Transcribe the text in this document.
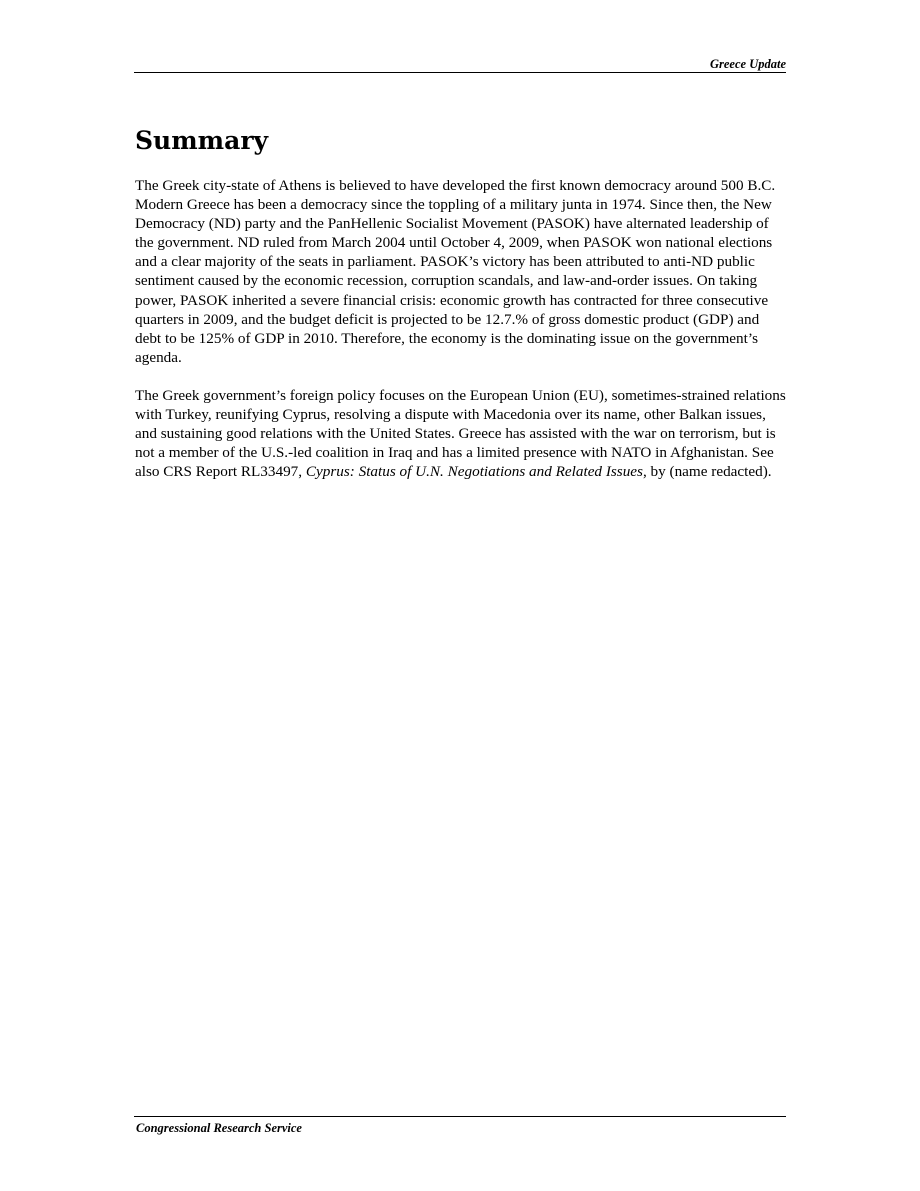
Greece Update
Summary

The Greek city-state of Athens is believed to have developed the first known democracy around 500 B.C. Modern Greece has been a democracy since the toppling of a military junta in 1974. Since then, the New Democracy (ND) party and the PanHellenic Socialist Movement (PASOK) have alternated leadership of the government. ND ruled from March 2004 until October 4, 2009, when PASOK won national elections and a clear majority of the seats in parliament. PASOK’s victory has been attributed to anti-ND public sentiment caused by the economic recession, corruption scandals, and law-and-order issues. On taking power, PASOK inherited a severe financial crisis: economic growth has contracted for three consecutive quarters in 2009, and the budget deficit is projected to be 12.7.% of gross domestic product (GDP) and debt to be 125% of GDP in 2010. Therefore, the economy is the dominating issue on the government’s agenda.

The Greek government’s foreign policy focuses on the European Union (EU), sometimes-strained relations with Turkey, reunifying Cyprus, resolving a dispute with Macedonia over its name, other Balkan issues, and sustaining good relations with the United States. Greece has assisted with the war on terrorism, but is not a member of the U.S.-led coalition in Iraq and has a limited presence with NATO in Afghanistan. See also CRS Report RL33497, Cyprus: Status of U.N. Negotiations and Related Issues, by (name redacted).

Congressional Research Service
